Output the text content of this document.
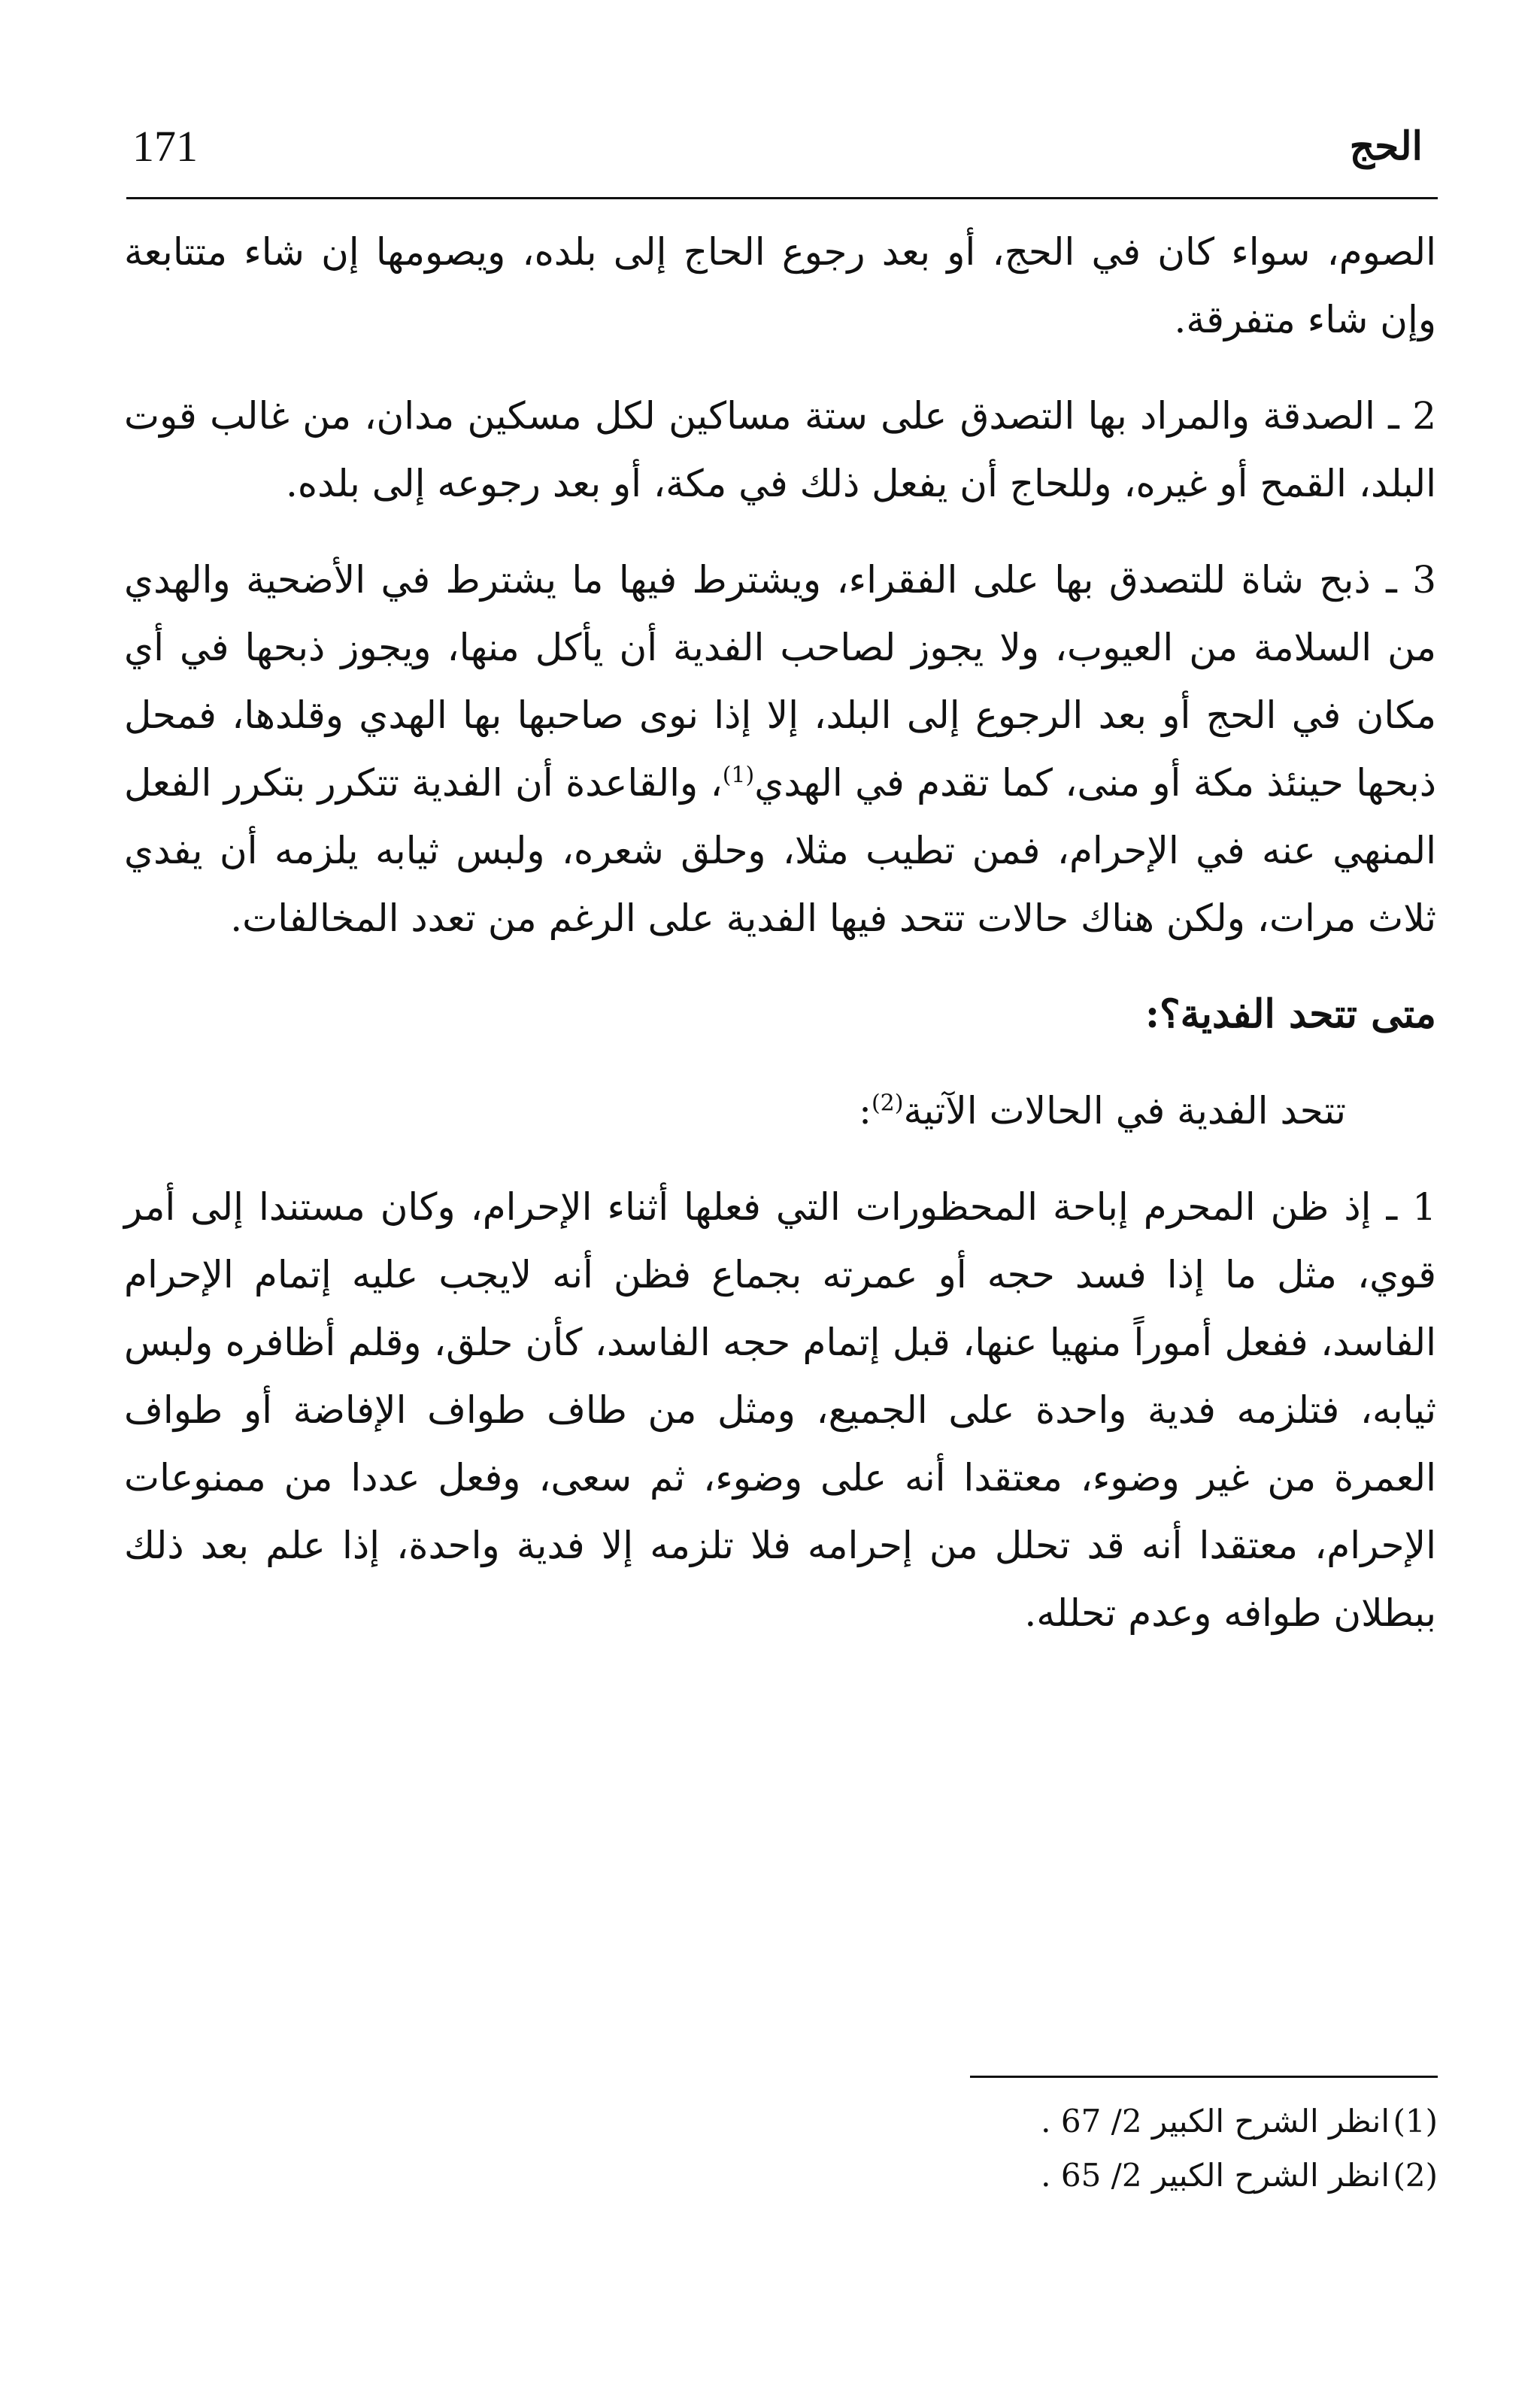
171	الحج

الصوم، سواء كان في الحج، أو بعد رجوع الحاج إلى بلده، ويصومها إن شاء متتابعة وإن شاء متفرقة.

2 ـ الصدقة والمراد بها التصدق على ستة مساكين لكل مسكين مدان، من غالب قوت البلد، القمح أو غيره، وللحاج أن يفعل ذلك في مكة، أو بعد رجوعه إلى بلده.

3 ـ ذبح شاة للتصدق بها على الفقراء، ويشترط فيها ما يشترط في الأضحية والهدي من السلامة من العيوب، ولا يجوز لصاحب الفدية أن يأكل منها، ويجوز ذبحها في أي مكان في الحج أو بعد الرجوع إلى البلد، إلا إذا نوى صاحبها بها الهدي وقلدها، فمحل ذبحها حينئذ مكة أو منى، كما تقدم في الهدي$^{(1)}$، والقاعدة أن الفدية تتكرر بتكرر الفعل المنهي عنه في الإحرام، فمن تطيب مثلا، وحلق شعره، ولبس ثيابه يلزمه أن يفدي ثلاث مرات، ولكن هناك حالات تتحد فيها الفدية على الرغم من تعدد المخالفات.

متى تتحد الفدية؟:

تتحد الفدية في الحالات الآتية$^{(2)}$:

1 ـ إذ ظن المحرم إباحة المحظورات التي فعلها أثناء الإحرام، وكان مستندا إلى أمر قوي، مثل ما إذا فسد حجه أو عمرته بجماع فظن أنه لايجب عليه إتمام الإحرام الفاسد، ففعل أموراً منهيا عنها، قبل إتمام حجه الفاسد، كأن حلق، وقلم أظافره ولبس ثيابه، فتلزمه فدية واحدة على الجميع، ومثل من طاف طواف الإفاضة أو طواف العمرة من غير وضوء، معتقدا أنه على وضوء، ثم سعى، وفعل عددا من ممنوعات الإحرام، معتقدا أنه قد تحلل من إحرامه فلا تلزمه إلا فدية واحدة، إذا علم بعد ذلك ببطلان طوافه وعدم تحلله.

(1)انظر الشرح الكبير 2/ 67 .
(2)انظر الشرح الكبير 2/ 65 .
